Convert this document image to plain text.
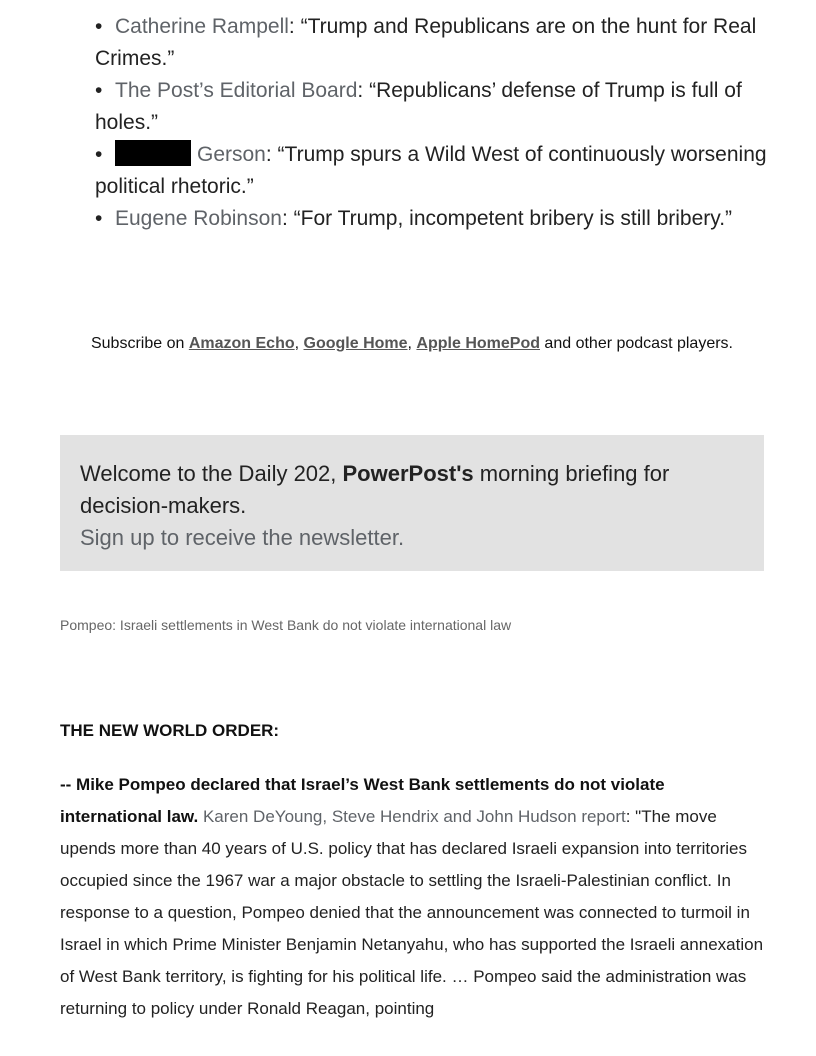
• Catherine Rampell: “Trump and Republicans are on the hunt for Real Crimes.”

• The Post’s Editorial Board: “Republicans’ defense of Trump is full of holes.”

•	Gerson: “Trump spurs a Wild West of continuously worsening political rhetoric.”

• Eugene Robinson: “For Trump, incompetent bribery is still bribery.”

Subscribe on Amazon Echo, Google Home, Apple HomePod and other podcast players.
Welcome to the Daily 202, PowerPost's morning briefing for decision-makers.
Sign up to receive the newsletter.
Pompeo: Israeli settlements in West Bank do not violate international law
THE NEW WORLD ORDER:
-- Mike Pompeo declared that Israel’s West Bank settlements do not violate international law. Karen DeYoung, Steve Hendrix and John Hudson report: "The move upends more than 40 years of U.S. policy that has declared Israeli expansion into territories occupied since the 1967 war a major obstacle to settling the Israeli-Palestinian conflict. In response to a question, Pompeo denied that the announcement was connected to turmoil in Israel in which Prime Minister Benjamin Netanyahu, who has supported the Israeli annexation of West Bank territory, is fighting for his political life. … Pompeo said the administration was returning to policy under Ronald Reagan, pointing
